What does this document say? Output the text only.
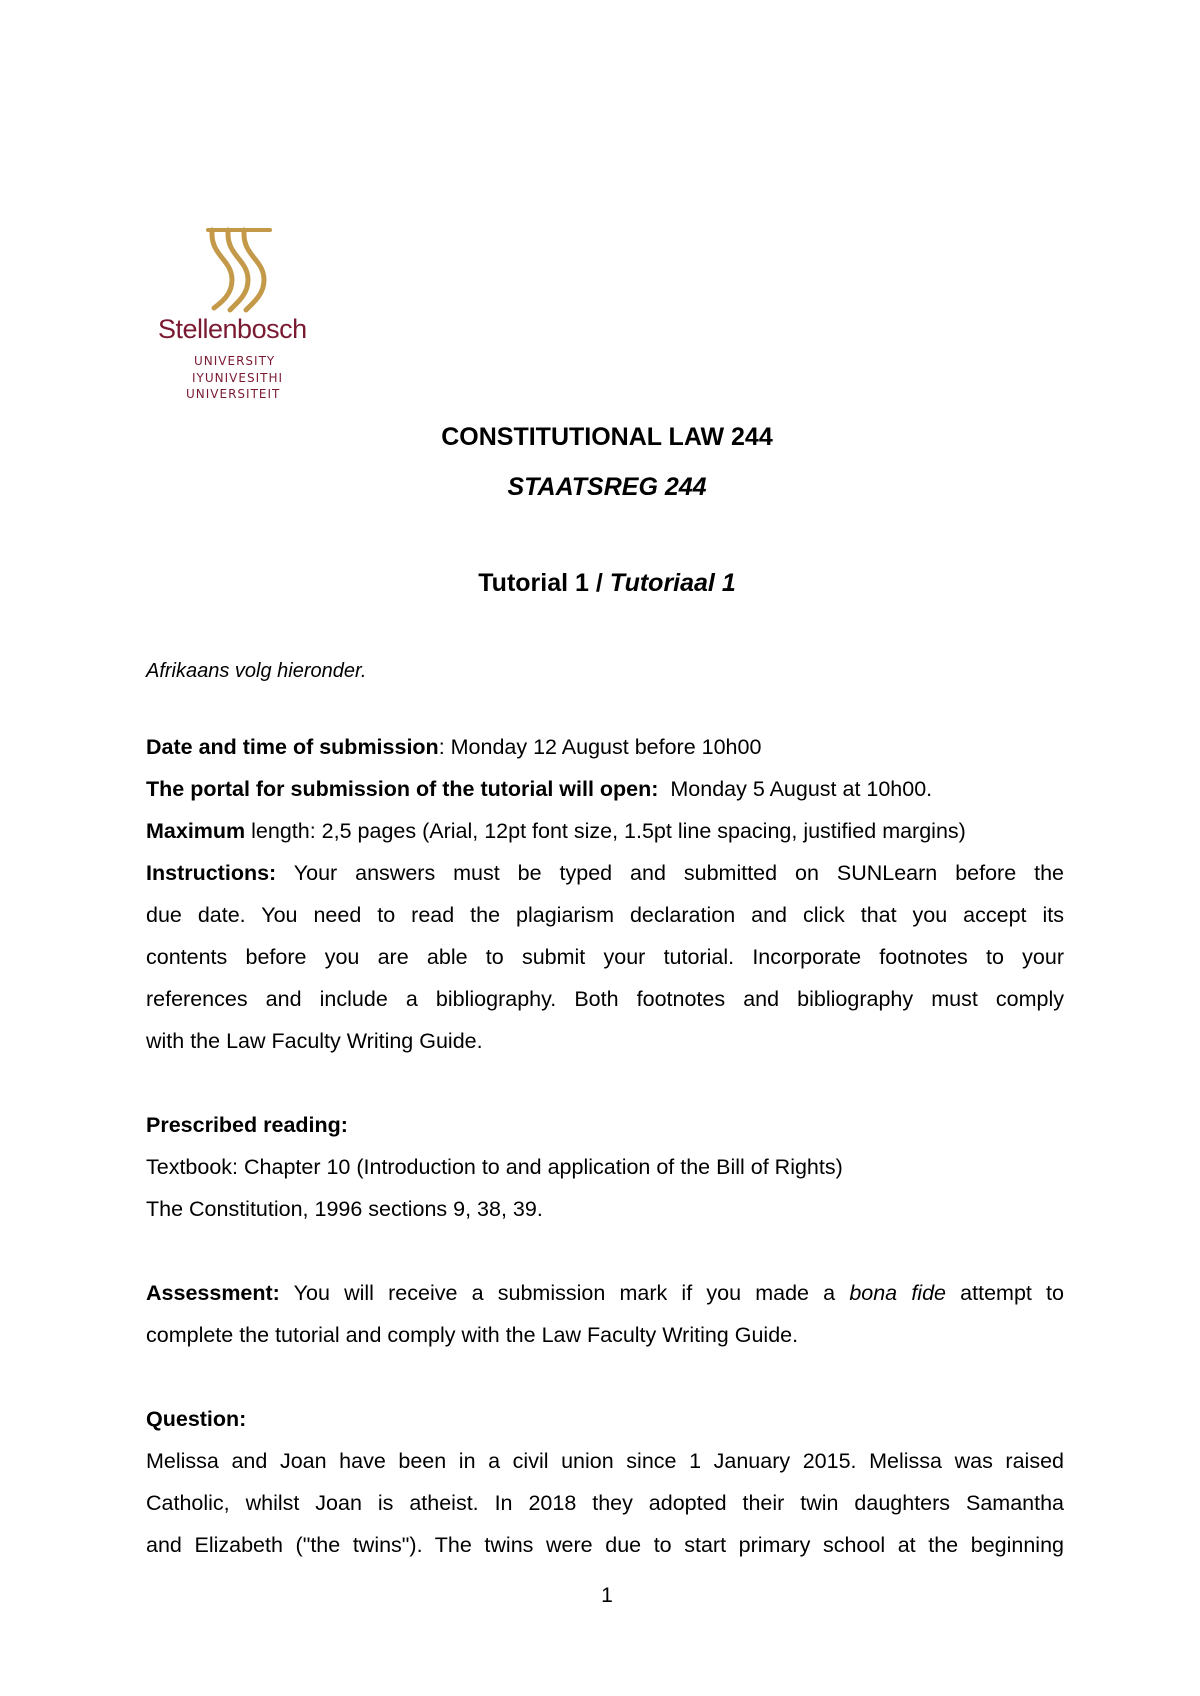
Stellenbosch
UNIVERSITY
IYUNIVESITHI
UNIVERSITEIT
CONSTITUTIONAL LAW 244
STAATSREG 244
Tutorial 1 / Tutoriaal 1
Afrikaans volg hieronder.
Date and time of submission: Monday 12 August before 10h00
The portal for submission of the tutorial will open:  Monday 5 August at 10h00.
Maximum length: 2,5 pages (Arial, 12pt font size, 1.5pt line spacing, justified margins)
Instructions: Your answers must be typed and submitted on SUNLearn before the
due date. You need to read the plagiarism declaration and click that you accept its
contents before you are able to submit your tutorial. Incorporate footnotes to your
references and include a bibliography. Both footnotes and bibliography must comply
with the Law Faculty Writing Guide.
Prescribed reading:
Textbook: Chapter 10 (Introduction to and application of the Bill of Rights)
The Constitution, 1996 sections 9, 38, 39.
Assessment: You will receive a submission mark if you made a bona fide attempt to
complete the tutorial and comply with the Law Faculty Writing Guide.
Question:
Melissa and Joan have been in a civil union since 1 January 2015. Melissa was raised
Catholic, whilst Joan is atheist. In 2018 they adopted their twin daughters Samantha
and Elizabeth ("the twins"). The twins were due to start primary school at the beginning
1
